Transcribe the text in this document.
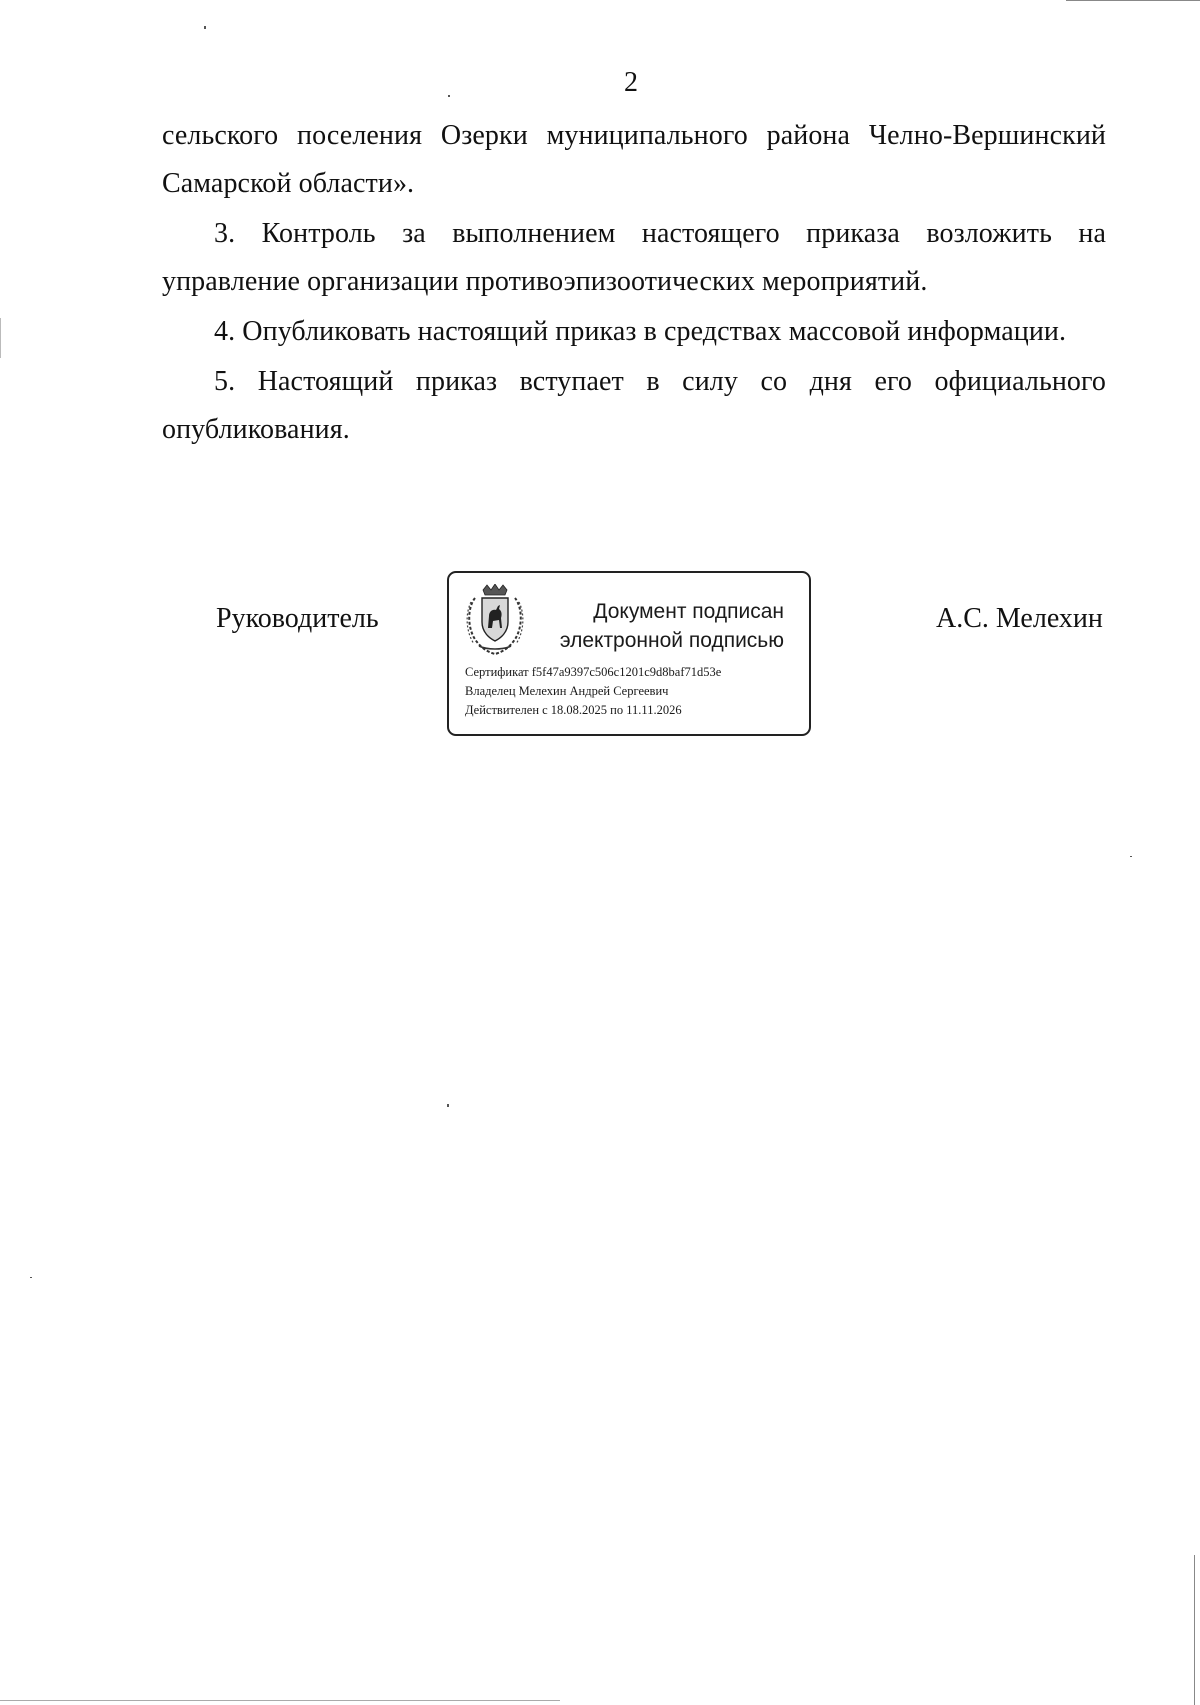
2

сельского поселения Озерки муниципального района Челно-Вершинский Самарской области».

3. Контроль за выполнением настоящего приказа возложить на управление организации противоэпизоотических мероприятий.

4. Опубликовать настоящий приказ в средствах массовой информации.

5. Настоящий приказ вступает в силу со дня его официального опубликования.

Руководитель	Документ подписан
электронной подписью
Сертификат f5f47a9397c506c1201c9d8baf71d53e
Владелец Мелехин Андрей Сергеевич
Действителен с 18.08.2025 по 11.11.2026
А.С. Мелехин
